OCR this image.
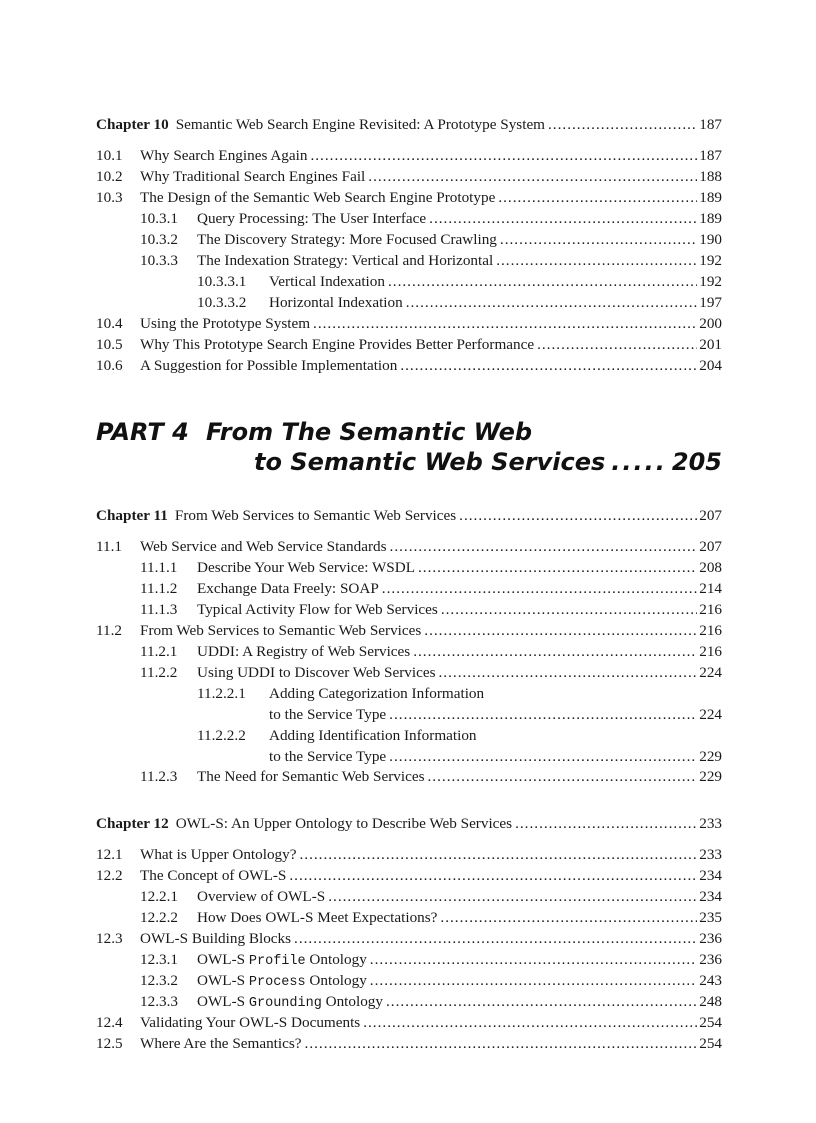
Chapter 10 Semantic Web Search Engine Revisited: A Prototype System .....	187
10.1	Why Search Engines Again .....	187
10.2	Why Traditional Search Engines Fail .....	188
10.3	The Design of the Semantic Web Search Engine Prototype .....	189
10.3.1	Query Processing: The User Interface .....	189
10.3.2	The Discovery Strategy: More Focused Crawling .....	190
10.3.3	The Indexation Strategy: Vertical and Horizontal .....	192
10.3.3.1	Vertical Indexation .....	192
10.3.3.2	Horizontal Indexation .....	197
10.4	Using the Prototype System .....	200
10.5	Why This Prototype Search Engine Provides Better Performance .....	201
10.6	A Suggestion for Possible Implementation .....	204
PART 4 From The Semantic Web
to Semantic Web Services .....	205
Chapter 11 From Web Services to Semantic Web Services .....	207
11.1	Web Service and Web Service Standards .....	207
11.1.1	Describe Your Web Service: WSDL .....	208
11.1.2	Exchange Data Freely: SOAP .....	214
11.1.3	Typical Activity Flow for Web Services .....	216
11.2	From Web Services to Semantic Web Services .....	216
11.2.1	UDDI: A Registry of Web Services .....	216
11.2.2	Using UDDI to Discover Web Services .....	224
11.2.2.1	Adding Categorization Information
to the Service Type .....	224
11.2.2.2	Adding Identification Information
to the Service Type .....	229
11.2.3	The Need for Semantic Web Services .....	229
Chapter 12 OWL-S: An Upper Ontology to Describe Web Services .....	233
12.1	What is Upper Ontology? .....	233
12.2	The Concept of OWL-S .....	234
12.2.1	Overview of OWL-S .....	234
12.2.2	How Does OWL-S Meet Expectations? .....	235
12.3	OWL-S Building Blocks .....	236
12.3.1	OWL-S Profile Ontology .....	236
12.3.2	OWL-S Process Ontology .....	243
12.3.3	OWL-S Grounding Ontology .....	248
12.4	Validating Your OWL-S Documents .....	254
12.5	Where Are the Semantics? .....	254
